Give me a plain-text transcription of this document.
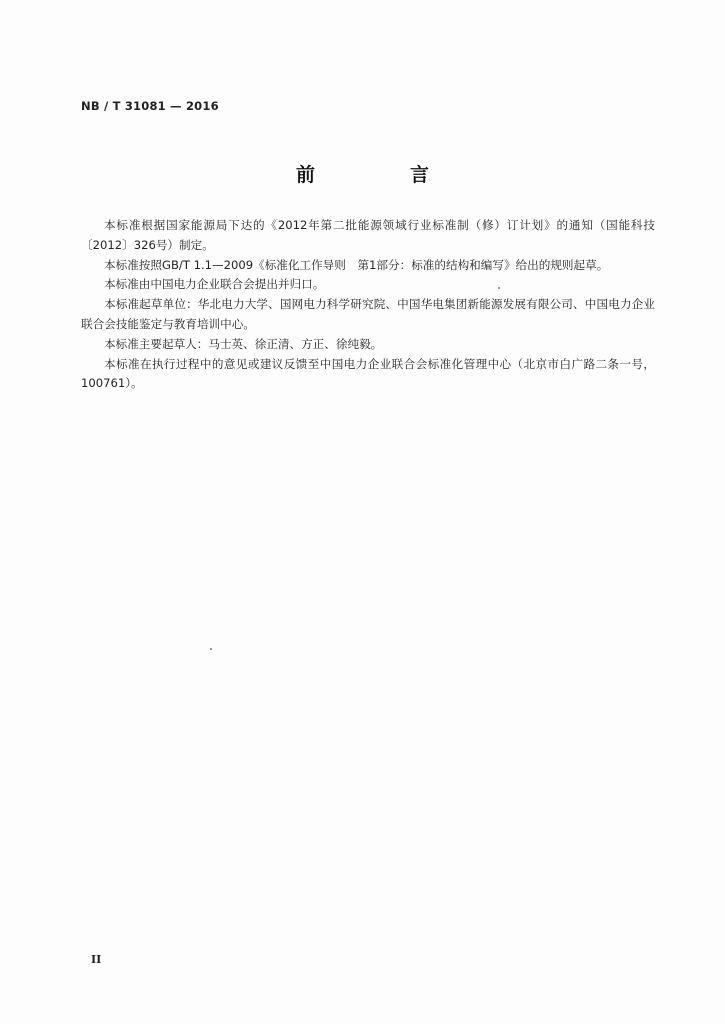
NB / T 31081 — 2016
前　言

本标准根据国家能源局下达的《2012年第二批能源领域行业标准制（修）订计划》的通知（国能科技〔2012〕326号）制定。

本标准按照GB/T 1.1—2009《标准化工作导则　第1部分：标准的结构和编写》给出的规则起草。

本标准由中国电力企业联合会提出并归口。

本标准起草单位：华北电力大学、国网电力科学研究院、中国华电集团新能源发展有限公司、中国电力企业联合会技能鉴定与教育培训中心。

本标准主要起草人：马士英、徐正清、方正、徐纯毅。

本标准在执行过程中的意见或建议反馈至中国电力企业联合会标准化管理中心（北京市白广路二条一号，100761）。

II
